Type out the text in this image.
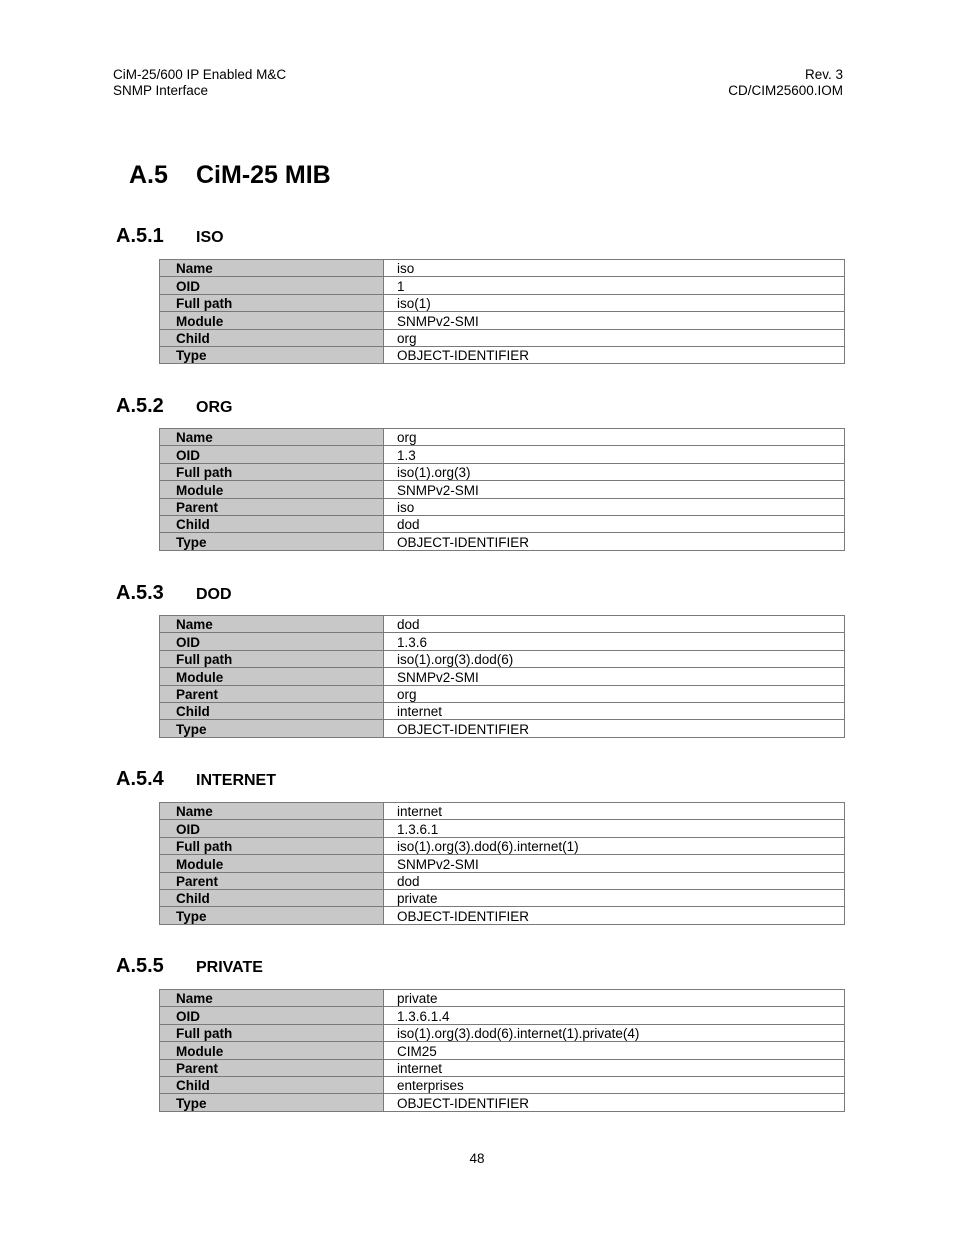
CiM-25/600 IP Enabled M&C
SNMP Interface
Rev. 3
CD/CIM25600.IOM
A.5 CiM-25 MIB
A.5.1 ISO
Name	iso
OID	1
Full path	iso(1)
Module	SNMPv2-SMI
Child	org
Type	OBJECT-IDENTIFIER
A.5.2 ORG
Name	org
OID	1.3
Full path	iso(1).org(3)
Module	SNMPv2-SMI
Parent	iso
Child	dod
Type	OBJECT-IDENTIFIER
A.5.3 DOD
Name	dod
OID	1.3.6
Full path	iso(1).org(3).dod(6)
Module	SNMPv2-SMI
Parent	org
Child	internet
Type	OBJECT-IDENTIFIER
A.5.4 INTERNET
Name	internet
OID	1.3.6.1
Full path	iso(1).org(3).dod(6).internet(1)
Module	SNMPv2-SMI
Parent	dod
Child	private
Type	OBJECT-IDENTIFIER
A.5.5 PRIVATE
Name	private
OID	1.3.6.1.4
Full path	iso(1).org(3).dod(6).internet(1).private(4)
Module	CIM25
Parent	internet
Child	enterprises
Type	OBJECT-IDENTIFIER
48
